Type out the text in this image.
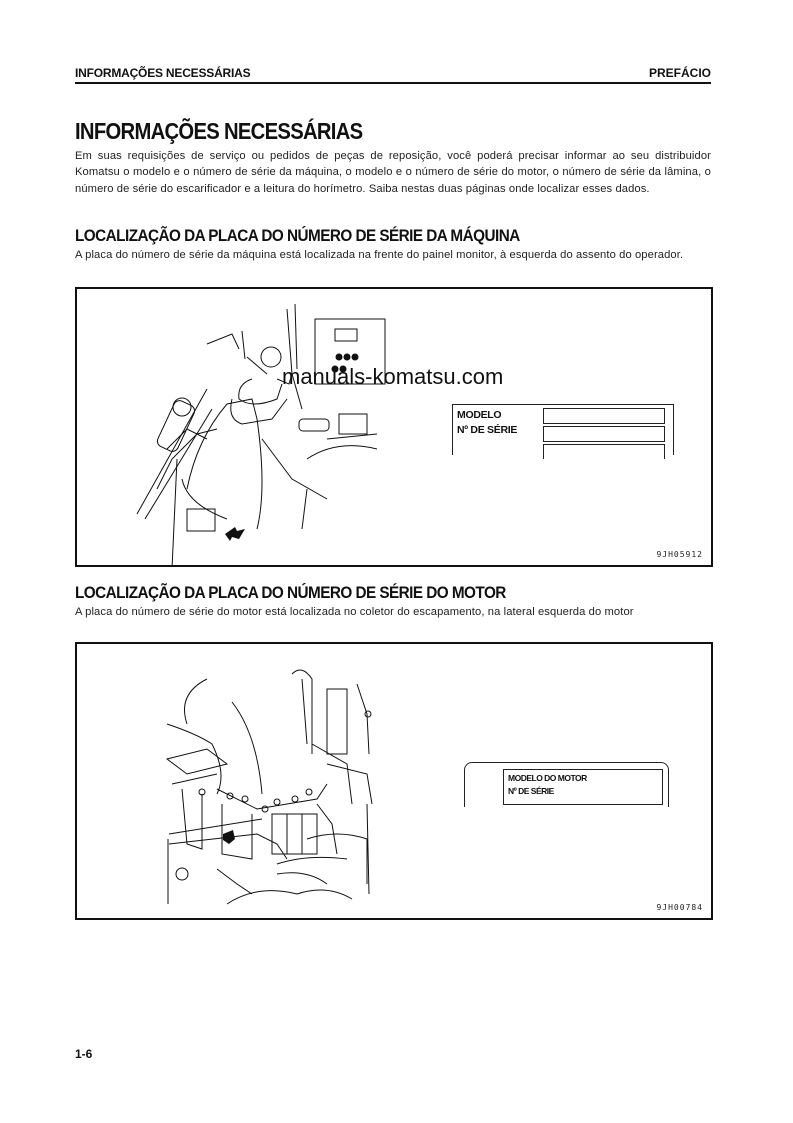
INFORMAÇÕES NECESSÁRIAS	PREFÁCIO
INFORMAÇÕES NECESSÁRIAS
Em suas requisições de serviço ou pedidos de peças de reposição, você poderá precisar informar ao seu distribuidor Komatsu o modelo e o número de série da máquina, o modelo e o número de série do motor, o número de série da lâmina, o número de série do escarificador e a leitura do horímetro. Saiba nestas duas páginas onde localizar esses dados.
LOCALIZAÇÃO DA PLACA DO NÚMERO DE SÉRIE DA MÁQUINA
A placa do número de série da máquina está localizada na frente do painel monitor, à esquerda do assento do operador.
9JH05912
manuals-komatsu.com
MODELO
Nº DE SÉRIE
LOCALIZAÇÃO DA PLACA DO NÚMERO DE SÉRIE DO MOTOR
A placa do número de série do motor está localizada no coletor do escapamento, na lateral esquerda do motor
9JH00784
MODELO DO MOTOR
Nº DE SÉRIE
1-6
